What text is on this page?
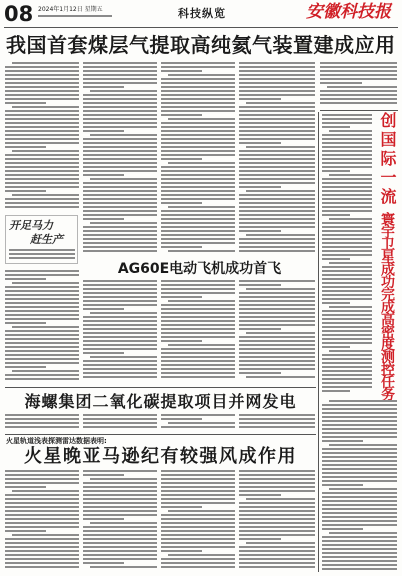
08 2024年1月12日 星期五	科技纵览	安徽科技报
我国首套煤层气提取高纯氦气装置建成应用
开足马力
赶生产
AG60E电动飞机成功首飞
海螺集团二氧化碳提取项目并网发电
火星轨道浅表探测雷达数据表明:
火星晚亚马逊纪有较强风成作用
创国际一流
寰宇卫星成功完成高密度测控任务
